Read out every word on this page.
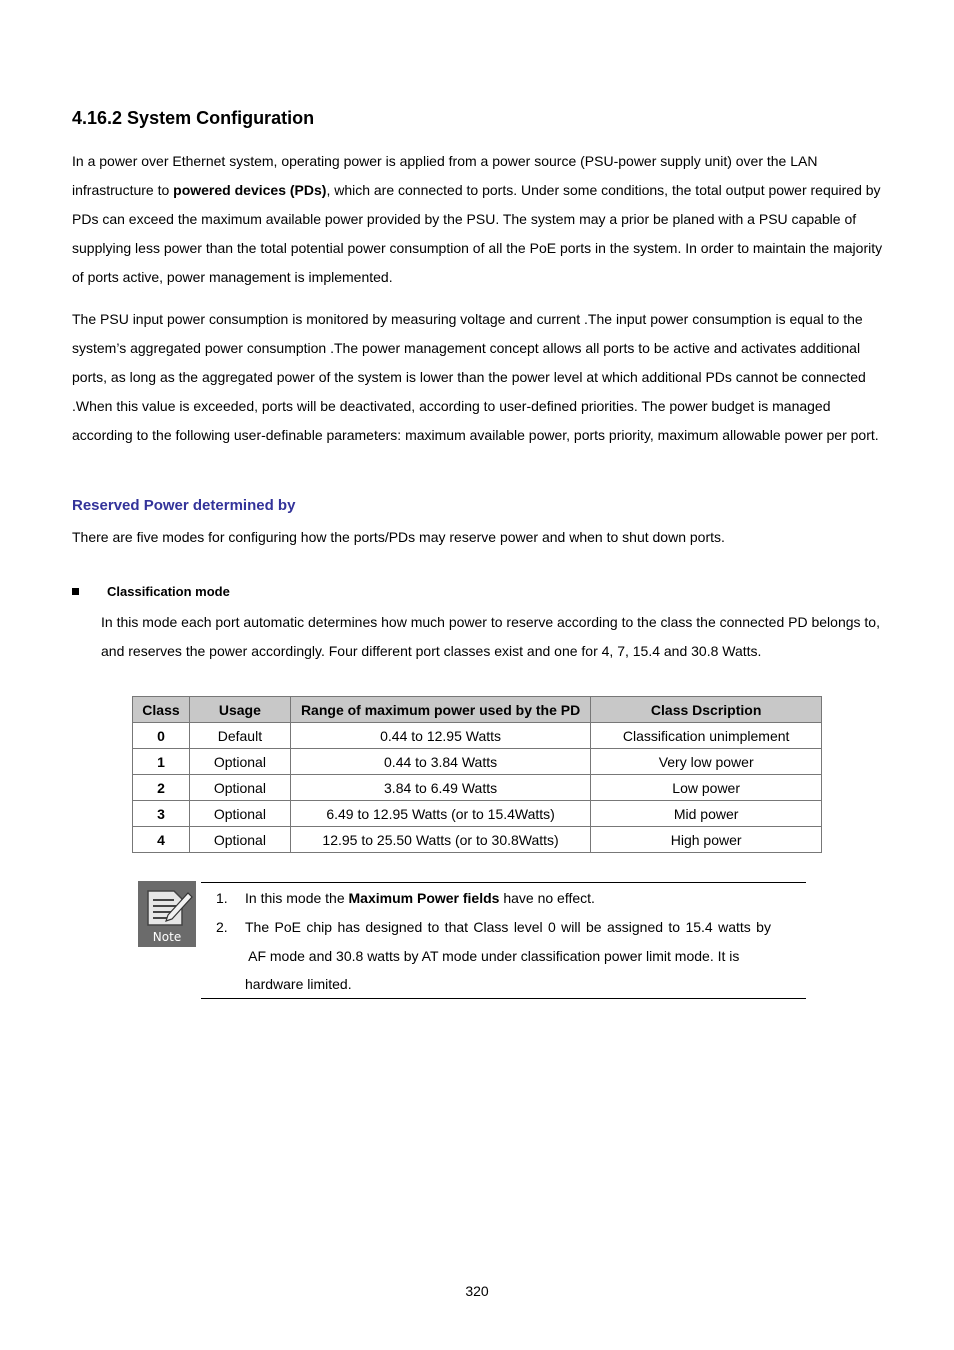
4.16.2 System Configuration

In a power over Ethernet system, operating power is applied from a power source (PSU-power supply unit) over the LAN infrastructure to powered devices (PDs), which are connected to ports. Under some conditions, the total output power required by PDs can exceed the maximum available power provided by the PSU. The system may a prior be planed with a PSU capable of supplying less power than the total potential power consumption of all the PoE ports in the system. In order to maintain the majority of ports active, power management is implemented.

The PSU input power consumption is monitored by measuring voltage and current .The input power consumption is equal to the system’s aggregated power consumption .The power management concept allows all ports to be active and activates additional ports, as long as the aggregated power of the system is lower than the power level at which additional PDs cannot be connected .When this value is exceeded, ports will be deactivated, according to user-defined priorities. The power budget is managed according to the following user-definable parameters: maximum available power, ports priority, maximum allowable power per port.

Reserved Power determined by

There are five modes for configuring how the ports/PDs may reserve power and when to shut down ports.

Classification mode

In this mode each port automatic determines how much power to reserve according to the class the connected PD belongs to, and reserves the power accordingly. Four different port classes exist and one for 4, 7, 15.4 and 30.8 Watts.

Class	Usage	Range of maximum power used by the PD	Class Dscription
0	Default	0.44 to 12.95 Watts	Classification unimplement
1	Optional	0.44 to 3.84 Watts	Very low power
2	Optional	3.84 to 6.49 Watts	Low power
3	Optional	6.49 to 12.95 Watts (or to 15.4Watts)	Mid power
4	Optional	12.95 to 25.50 Watts (or to 30.8Watts)	High power
Note
1. In this mode the Maximum Power fields have no effect.
2. The PoE chip has designed to that Class level 0 will be assigned to 15.4 watts by
AF mode and 30.8 watts by AT mode under classification power limit mode. It is
hardware limited.
320
